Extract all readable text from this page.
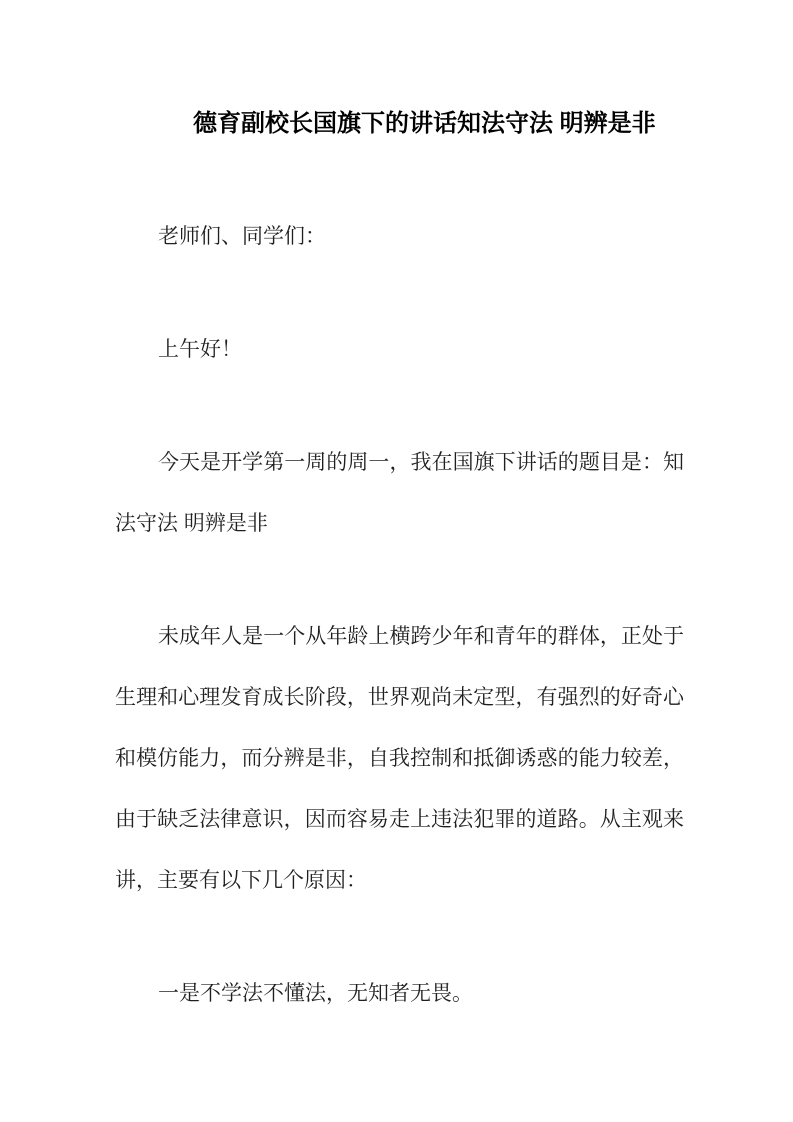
德育副校长国旗下的讲话知法守法 明辨是非

老师们、同学们：

上午好！

今天是开学第一周的周一，我在国旗下讲话的题目是：知法守法 明辨是非

未成年人是一个从年龄上横跨少年和青年的群体，正处于生理和心理发育成长阶段，世界观尚未定型，有强烈的好奇心和模仿能力，而分辨是非，自我控制和抵御诱惑的能力较差，由于缺乏法律意识，因而容易走上违法犯罪的道路。从主观来讲，主要有以下几个原因：

一是不学法不懂法，无知者无畏。
